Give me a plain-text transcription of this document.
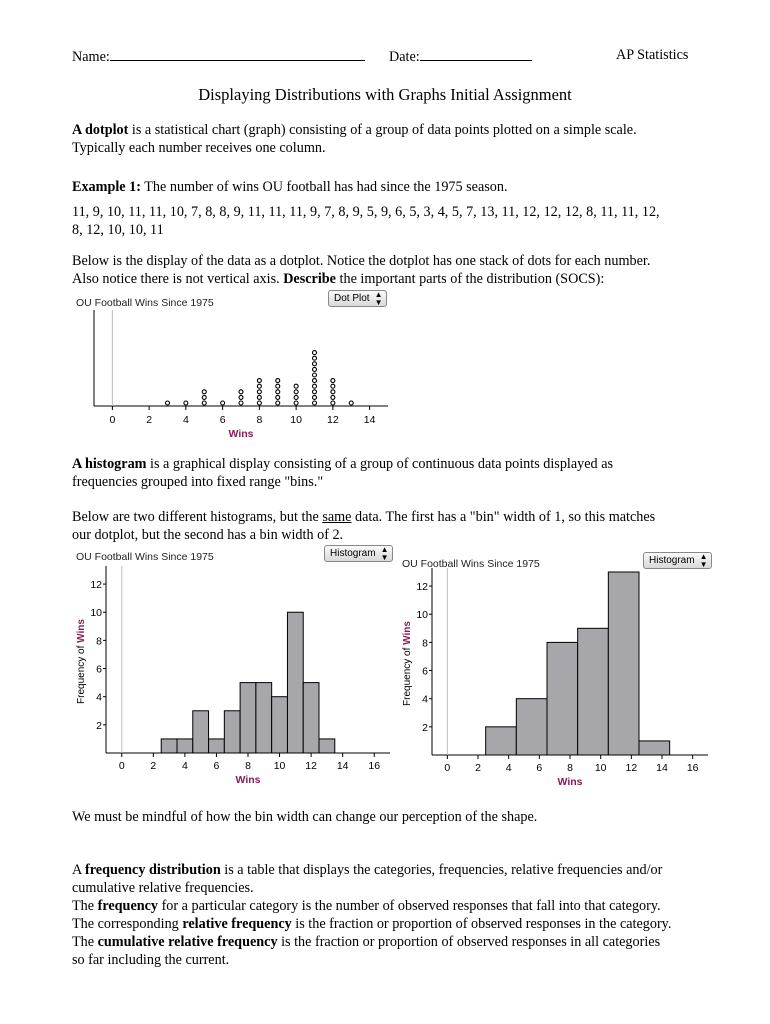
Name:	Date:	AP Statistics
Displaying Distributions with Graphs Initial Assignment

A dotplot is a statistical chart (graph) consisting of a group of data points plotted on a simple scale.

Typically each number receives one column.

Example 1: The number of wins OU football has had since the 1975 season.

11, 9, 10, 11, 11, 10, 7, 8, 8, 9, 11, 11, 11, 9, 7, 8, 9, 5, 9, 6, 5, 3, 4, 5, 7, 13, 11, 12, 12, 12, 8, 11, 11, 12,

8, 12, 10, 10, 11

Below is the display of the data as a dotplot. Notice the dotplot has one stack of dots for each number.

Also notice there is not vertical axis. Describe the important parts of the distribution (SOCS):

OU Football Wins Since 1975
0	2	4	6	8	10 12 14
Wins
Dot Plot ▲
▼

A histogram is a graphical display consisting of a group of continuous data points displayed as

frequencies grouped into fixed range "bins."

Below are two different histograms, but the same data. The first has a "bin" width of 1, so this matches

our dotplot, but the second has a bin width of 2.

OU Football Wins Since 1975
2
4
6
8
10
12
0 2 4 6 8 10 12 14 16
Wins
Frequency of Wins
Histogram ▲
▼
OU Football Wins Since 1975
2
4
6
8
10
12
0 2 4 6 8 10 12 14 16
Wins
Frequency of Wins
Histogram ▲
▼
We must be mindful of how the bin width can change our perception of the shape.

A frequency distribution is a table that displays the categories, frequencies, relative frequencies and/or

cumulative relative frequencies.

The frequency for a particular category is the number of observed responses that fall into that category.

The corresponding relative frequency is the fraction or proportion of observed responses in the category.

The cumulative relative frequency is the fraction or proportion of observed responses in all categories

so far including the current.
